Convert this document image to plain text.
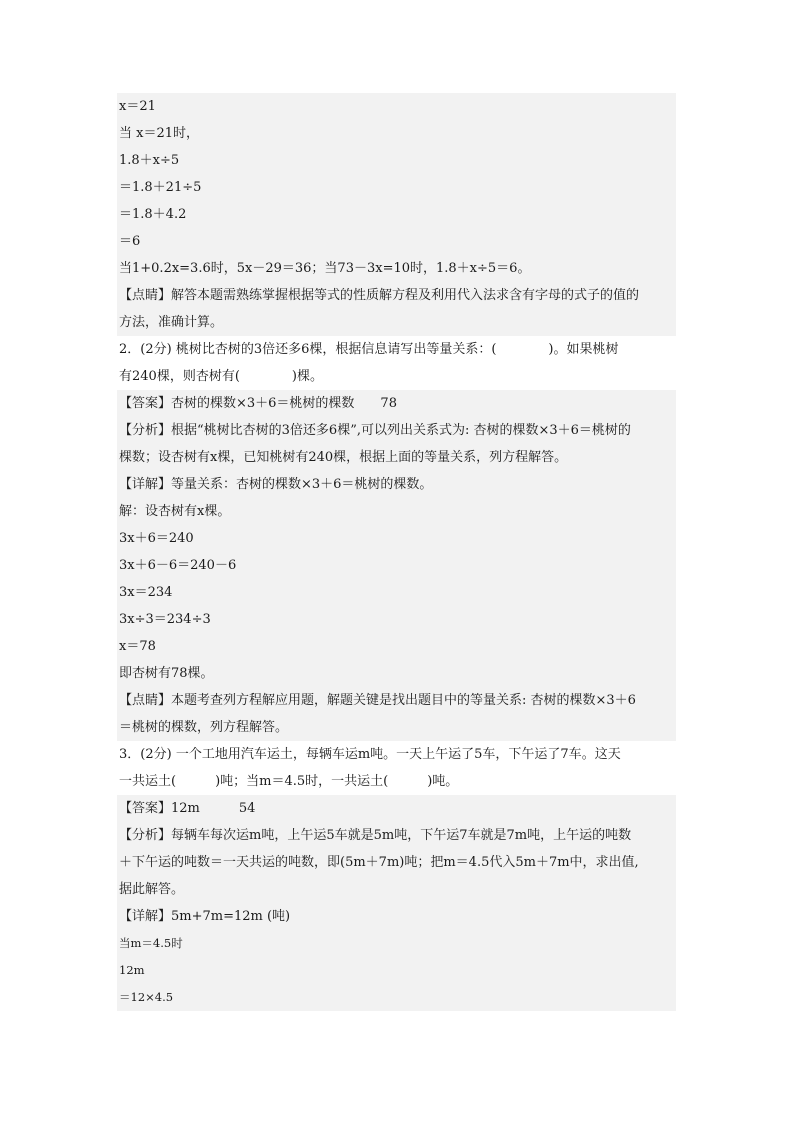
x＝21
当 x＝21时，
1.8＋x÷5
＝1.8＋21÷5
＝1.8＋4.2
＝6
当1+0.2x=3.6时，5x－29＝36；当73－3x=10时，1.8＋x÷5＝6。
【点睛】解答本题需熟练掌握根据等式的性质解方程及利用代入法求含有字母的式子的值的
方法，准确计算。
2．(2分) 桃树比杏树的3倍还多6棵，根据信息请写出等量关系：(　　　　)。如果桃树
有240棵，则杏树有(　　　　)棵。
【答案】杏树的棵数×3＋6＝桃树的棵数　　78
【分析】根据“桃树比杏树的3倍还多6棵”,可以列出关系式为: 杏树的棵数×3＋6＝桃树的
棵数；设杏树有x棵，已知桃树有240棵，根据上面的等量关系，列方程解答。
【详解】等量关系：杏树的棵数×3＋6＝桃树的棵数。
解：设杏树有x棵。
3x＋6＝240
3x＋6－6＝240－6
3x＝234
3x÷3＝234÷3
x＝78
即杏树有78棵。
【点睛】本题考查列方程解应用题，解题关键是找出题目中的等量关系: 杏树的棵数×3＋6
＝桃树的棵数，列方程解答。
3．(2分) 一个工地用汽车运土，每辆车运m吨。一天上午运了5车，下午运了7车。这天
一共运土(　　　)吨；当m＝4.5时，一共运土(　　　)吨。
【答案】12m　　　54
【分析】每辆车每次运m吨，上午运5车就是5m吨，下午运7车就是7m吨，上午运的吨数
＋下午运的吨数＝一天共运的吨数，即(5m＋7m)吨；把m＝4.5代入5m＋7m中，求出值,
据此解答。
【详解】5m+7m=12m (吨)
当m＝4.5时
12m
＝12×4.5
